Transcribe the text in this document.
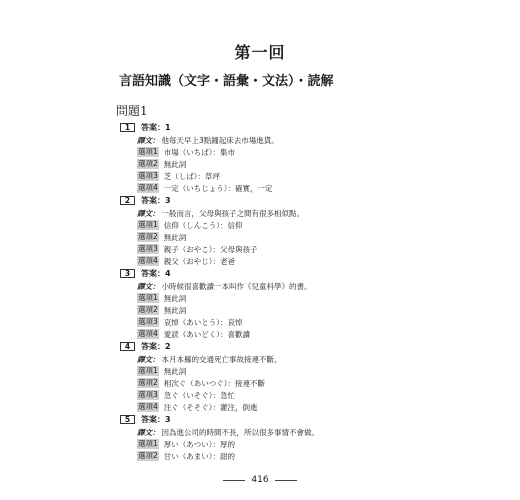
第一回
言語知識（文字・語彙・文法）・読解
問題1
1	答案：1
譯文： 他每天早上3點鐘起床去市場進貨。
選項1 市場（いちば）：集市
選項2 無此詞
選項3 芝（しば）：草坪
選項4 一定（いちじょう）：確實，一定
2	答案：3
譯文： 一般而言，父母與孩子之間有很多相似點。
選項1 信仰（しんこう）：信仰
選項2 無此詞
選項3 親子（おやこ）：父母與孩子
選項4 親父（おやじ）：老爸
3	答案：4
譯文： 小時候很喜歡讀一本叫作《兒童科學》的書。
選項1 無此詞
選項2 無此詞
選項3 哀悼（あいとう）：哀悼
選項4 愛読（あいどく）：喜歡讀
4	答案：2
譯文： 本月本縣的交通死亡事故接連不斷。
選項1 無此詞
選項2 相次ぐ（あいつぐ）：接連不斷
選項3 急ぐ（いそぐ）：急忙
選項4 注ぐ（そそぐ）：灌注，倒進
5	答案：3
譯文： 因為進公司的時間不長，所以很多事情不會做。
選項1 厚い（あつい）：厚的
選項2 甘い（あまい）：甜的
416
